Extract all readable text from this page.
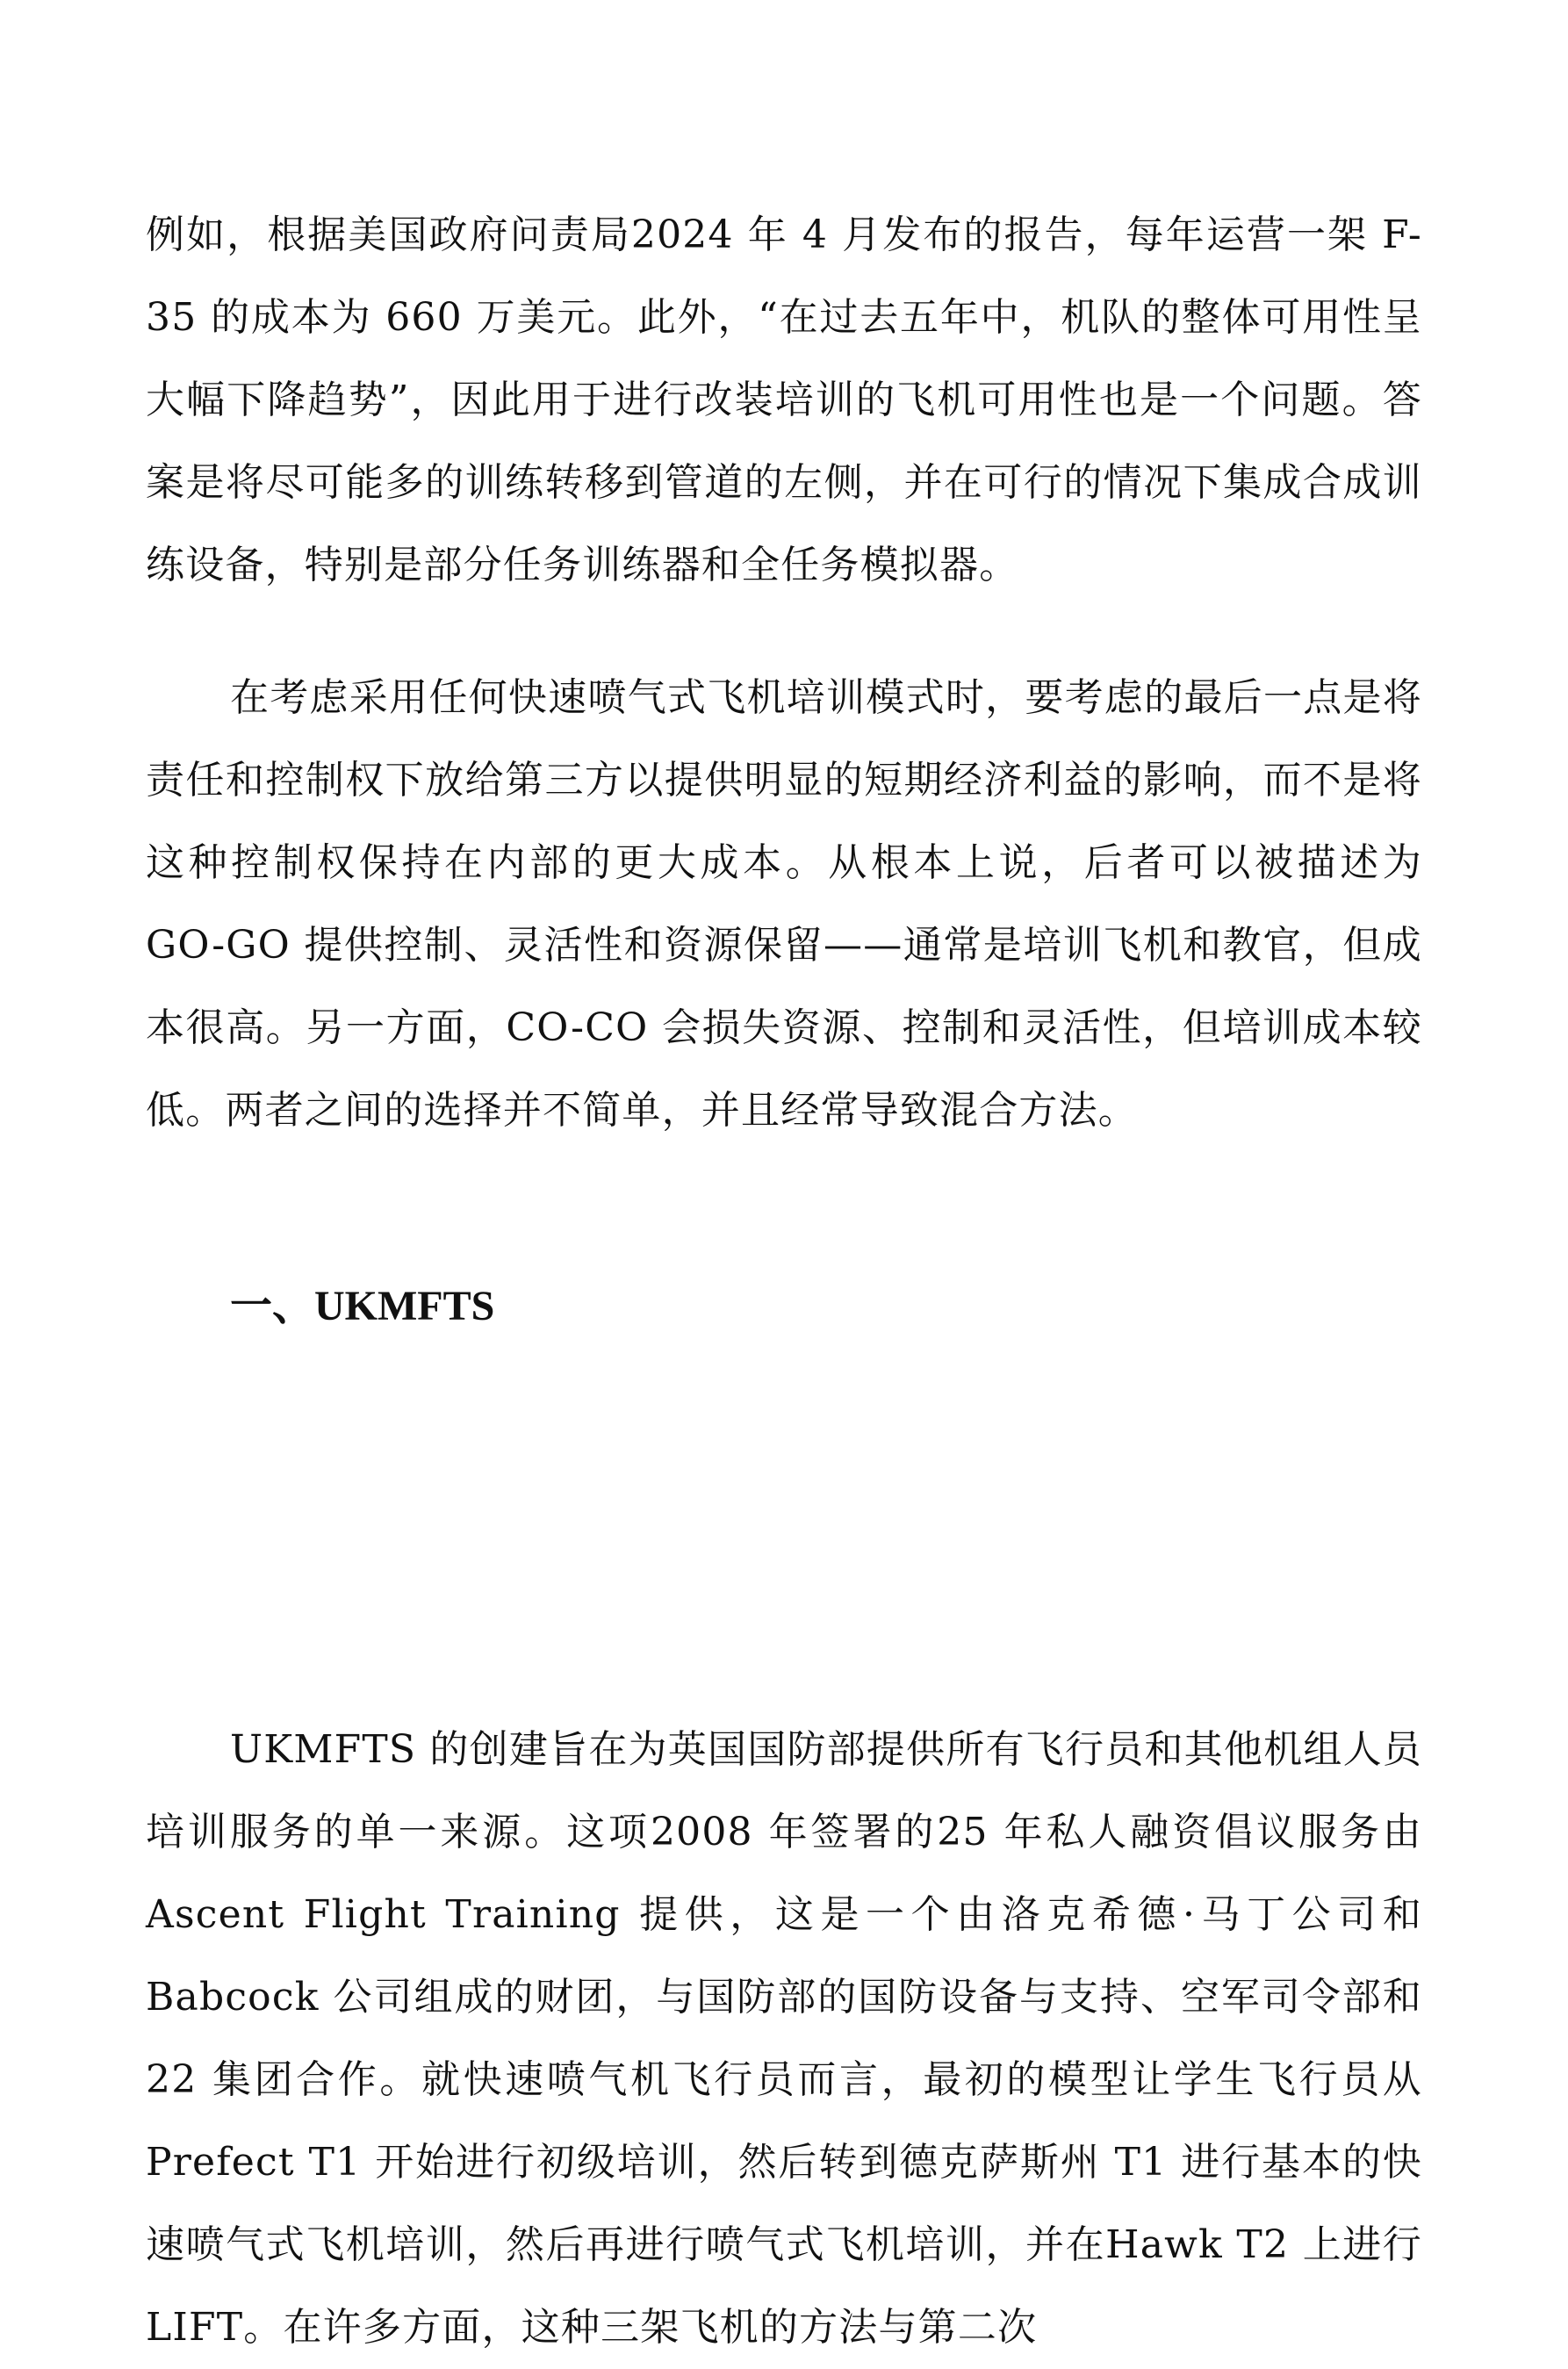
例如，根据美国政府问责局2024 年 4 月发布的报告，每年运营一架 F-35 的成本为 660 万美元。此外，“在过去五年中，机队的整体可用性呈大幅下降趋势”，因此用于进行改装培训的飞机可用性也是一个问题。答案是将尽可能多的训练转移到管道的左侧，并在可行的情况下集成合成训练设备，特别是部分任务训练器和全任务模拟器。

在考虑采用任何快速喷气式飞机培训模式时，要考虑的最后一点是将责任和控制权下放给第三方以提供明显的短期经济利益的影响，而不是将这种控制权保持在内部的更大成本。从根本上说，后者可以被描述为 GO-GO 提供控制、灵活性和资源保留——通常是培训飞机和教官，但成本很高。另一方面，CO-CO 会损失资源、控制和灵活性，但培训成本较低。两者之间的选择并不简单，并且经常导致混合方法。

一、UKMFTS

UKMFTS 的创建旨在为英国国防部提供所有飞行员和其他机组人员培训服务的单一来源。这项2008 年签署的25 年私人融资倡议服务由Ascent Flight Training 提供，这是一个由洛克希德·马丁公司和Babcock 公司组成的财团，与国防部的国防设备与支持、空军司令部和22 集团合作。就快速喷气机飞行员而言，最初的模型让学生飞行员从 Prefect T1 开始进行初级培训，然后转到德克萨斯州 T1 进行基本的快速喷气式飞机培训，然后再进行喷气式飞机培训，并在Hawk T2 上进行 LIFT。在许多方面，这种三架飞机的方法与第二次
